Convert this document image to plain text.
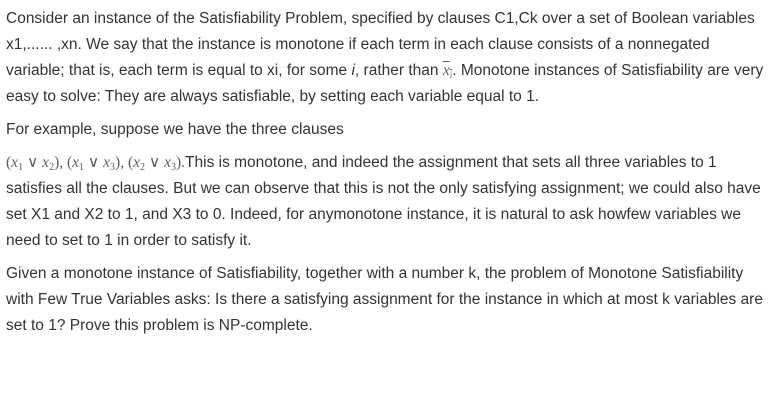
Consider an instance of the Satisfiability Problem, specified by clauses C1,Ck over a set of Boolean variables x1,...... ,xn. We say that the instance is monotone if each term in each clause consists of a nonnegated variable; that is, each term is equal to xi, for some i, rather than $x_i$. Monotone instances of Satisfiability are very easy to solve: They are always satisfiable, by setting each variable equal to 1.

For example, suppose we have the three clauses

($x_1$ ∨ $x_2$), ($x_1$ ∨ $x_3$), ($x_2$ ∨ $x_3).This$ is monotone, and indeed the assignment that sets all three variables to 1 satisfies all the clauses. But we can observe that this is not the only satisfying assignment; we could also have set X1 and X2 to 1, and X3 to 0. Indeed, for anymonotone instance, it is natural to ask howfew variables we need to set to 1 in order to satisfy it.

Given a monotone instance of Satisfiability, together with a number k, the problem of Monotone Satisfiability with Few True Variables asks: Is there a satisfying assignment for the instance in which at most k variables are set to 1? Prove this problem is NP-complete.
